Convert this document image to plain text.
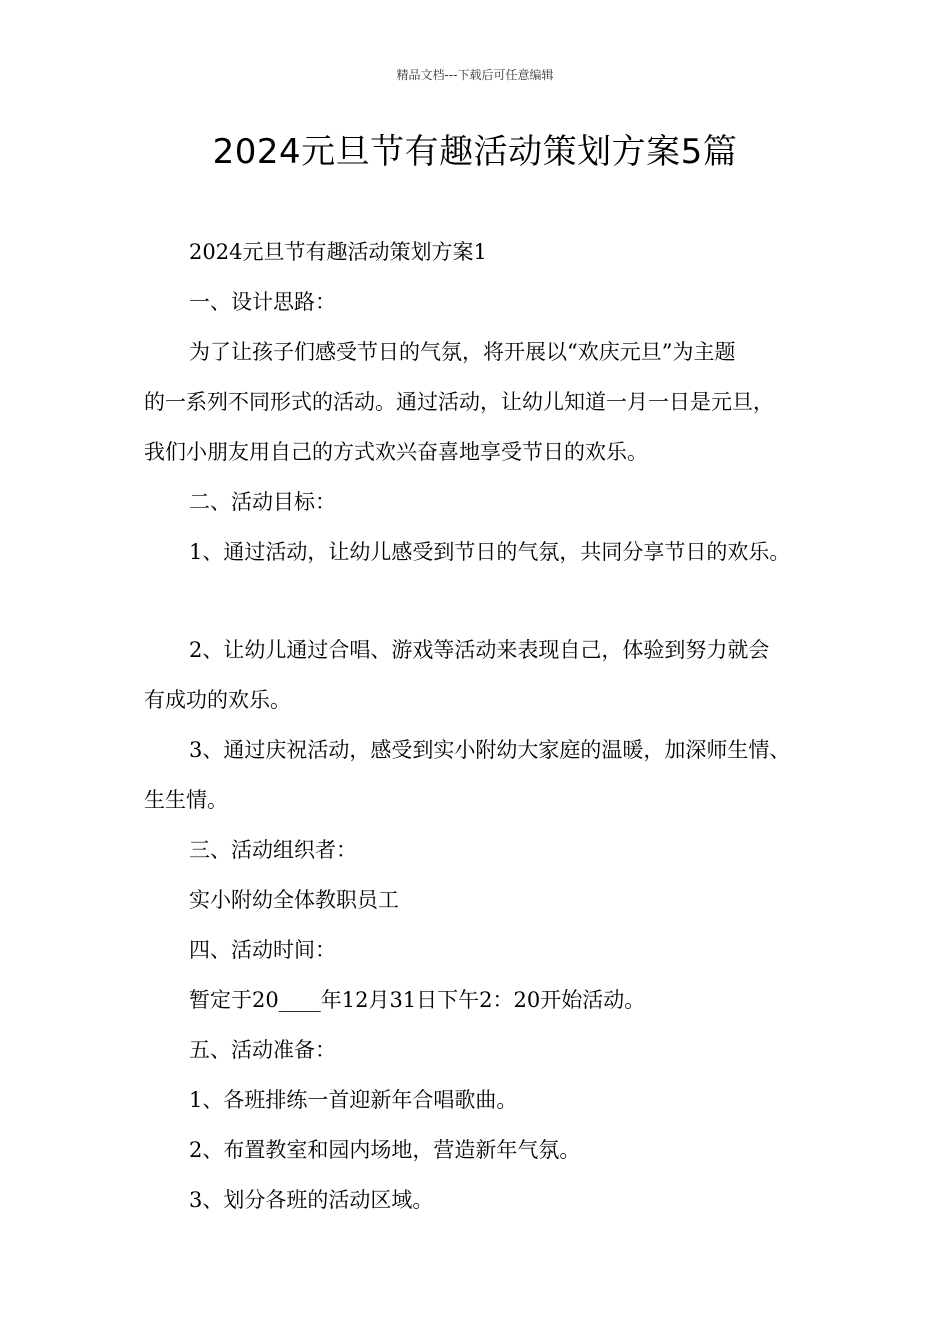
精品文档---下载后可任意编辑
2024元旦节有趣活动策划方案5篇
2024元旦节有趣活动策划方案1
一、设计思路：
为了让孩子们感受节日的气氛，将开展以“欢庆元旦”为主题
的一系列不同形式的活动。通过活动，让幼儿知道一月一日是元旦，
我们小朋友用自己的方式欢兴奋喜地享受节日的欢乐。
二、活动目标：
1、通过活动，让幼儿感受到节日的气氛，共同分享节日的欢乐。
2、让幼儿通过合唱、游戏等活动来表现自己，体验到努力就会
有成功的欢乐。
3、通过庆祝活动，感受到实小附幼大家庭的温暖，加深师生情、
生生情。
三、活动组织者：
实小附幼全体教职员工
四、活动时间：
暂定于20____年12月31日下午2：20开始活动。
五、活动准备：
1、各班排练一首迎新年合唱歌曲。
2、布置教室和园内场地，营造新年气氛。
3、划分各班的活动区域。
